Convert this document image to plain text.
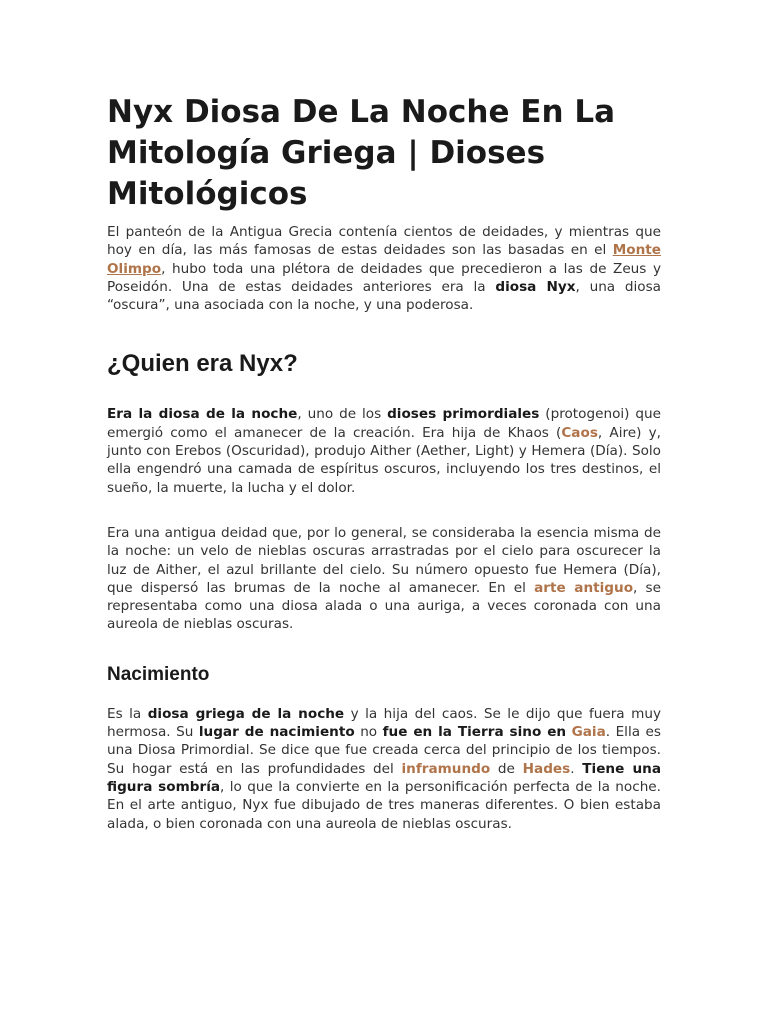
Nyx Diosa De La Noche En La Mitología Griega | Dioses Mitológicos

El panteón de la Antigua Grecia contenía cientos de deidades, y mientras que hoy en día, las más famosas de estas deidades son las basadas en el Monte Olimpo, hubo toda una plétora de deidades que precedieron a las de Zeus y Poseidón. Una de estas deidades anteriores era la diosa Nyx, una diosa “oscura”, una asociada con la noche, y una poderosa.

¿Quien era Nyx?

Era la diosa de la noche, uno de los dioses primordiales (protogenoi) que emergió como el amanecer de la creación. Era hija de Khaos (Caos, Aire) y, junto con Erebos (Oscuridad), produjo Aither (Aether, Light) y Hemera (Día). Solo ella engendró una camada de espíritus oscuros, incluyendo los tres destinos, el sueño, la muerte, la lucha y el dolor.

Era una antigua deidad que, por lo general, se consideraba la esencia misma de la noche: un velo de nieblas oscuras arrastradas por el cielo para oscurecer la luz de Aither, el azul brillante del cielo. Su número opuesto fue Hemera (Día), que dispersó las brumas de la noche al amanecer. En el arte antiguo, se representaba como una diosa alada o una auriga, a veces coronada con una aureola de nieblas oscuras.

Nacimiento

Es la diosa griega de la noche y la hija del caos. Se le dijo que fuera muy hermosa. Su lugar de nacimiento no fue en la Tierra sino en Gaia. Ella es una Diosa Primordial. Se dice que fue creada cerca del principio de los tiempos. Su hogar está en las profundidades del inframundo de Hades. Tiene una figura sombría, lo que la convierte en la personificación perfecta de la noche. En el arte antiguo, Nyx fue dibujado de tres maneras diferentes. O bien estaba alada, o bien coronada con una aureola de nieblas oscuras.
